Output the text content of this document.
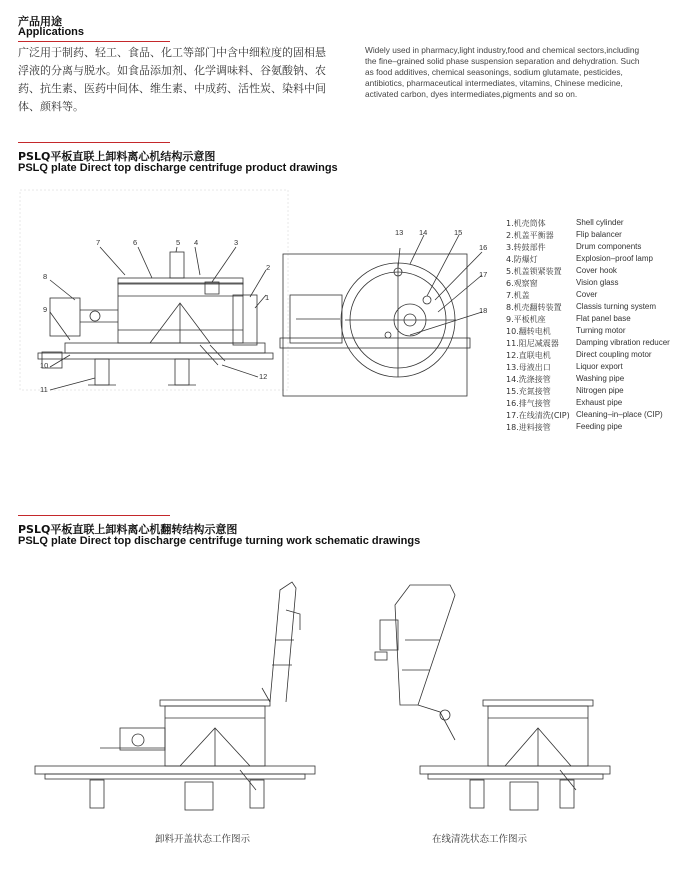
产品用途
Applications
广泛用于制药、轻工、食品、化工等部门中含中细粒度的固相悬
浮液的分离与脱水。如食品添加剂、化学调味料、谷氨酸钠、农
药、抗生素、医药中间体、维生素、中成药、活性炭、染料中间
体、颜料等。
Widely used in pharmacy,light industry,food and chemical sectors,including
the fine–grained solid phase suspension separation and dehydration. Such
as food additives, chemical seasonings, sodium glutamate, pesticides,
antibiotics, pharmaceutical intermediates, vitamins, Chinese medicine,
activated carbon, dyes intermediates,pigments and so on.
PSLQ平板直联上卸料离心机结构示意图
PSLQ plate Direct top discharge centrifuge product drawings
1
2
3
4
5
6
7
8
9
10
11
12
13 14	15
16
17
18
1.机壳筒体	Shell cylinder
2.机盖平衡器	Flip balancer
3.转鼓部件	Drum components
4.防爆灯	Explosion–proof lamp
5.机盖锁紧装置 Cover hook
6.观察窗	Vision glass
7.机盖	Cover
8.机壳翻转装置 Classis turning system
9.平板机座	Flat panel base
10.翻转电机	Turning motor
11.阻尼减震器 Damping vibration reducer
12.直联电机	Direct coupling motor
13.母液出口	Liquor export
14.洗涤接管	Washing pipe
15.充氮接管	Nitrogen pipe
16.排气接管	Exhaust pipe
17.在线清洗(CIP) Cleaning–in–place (CIP)
18.进料接管	Feeding pipe
PSLQ平板直联上卸料离心机翻转结构示意图
PSLQ plate Direct top discharge centrifuge turning work schematic drawings
卸料开盖状态工作图示	在线清洗状态工作图示
